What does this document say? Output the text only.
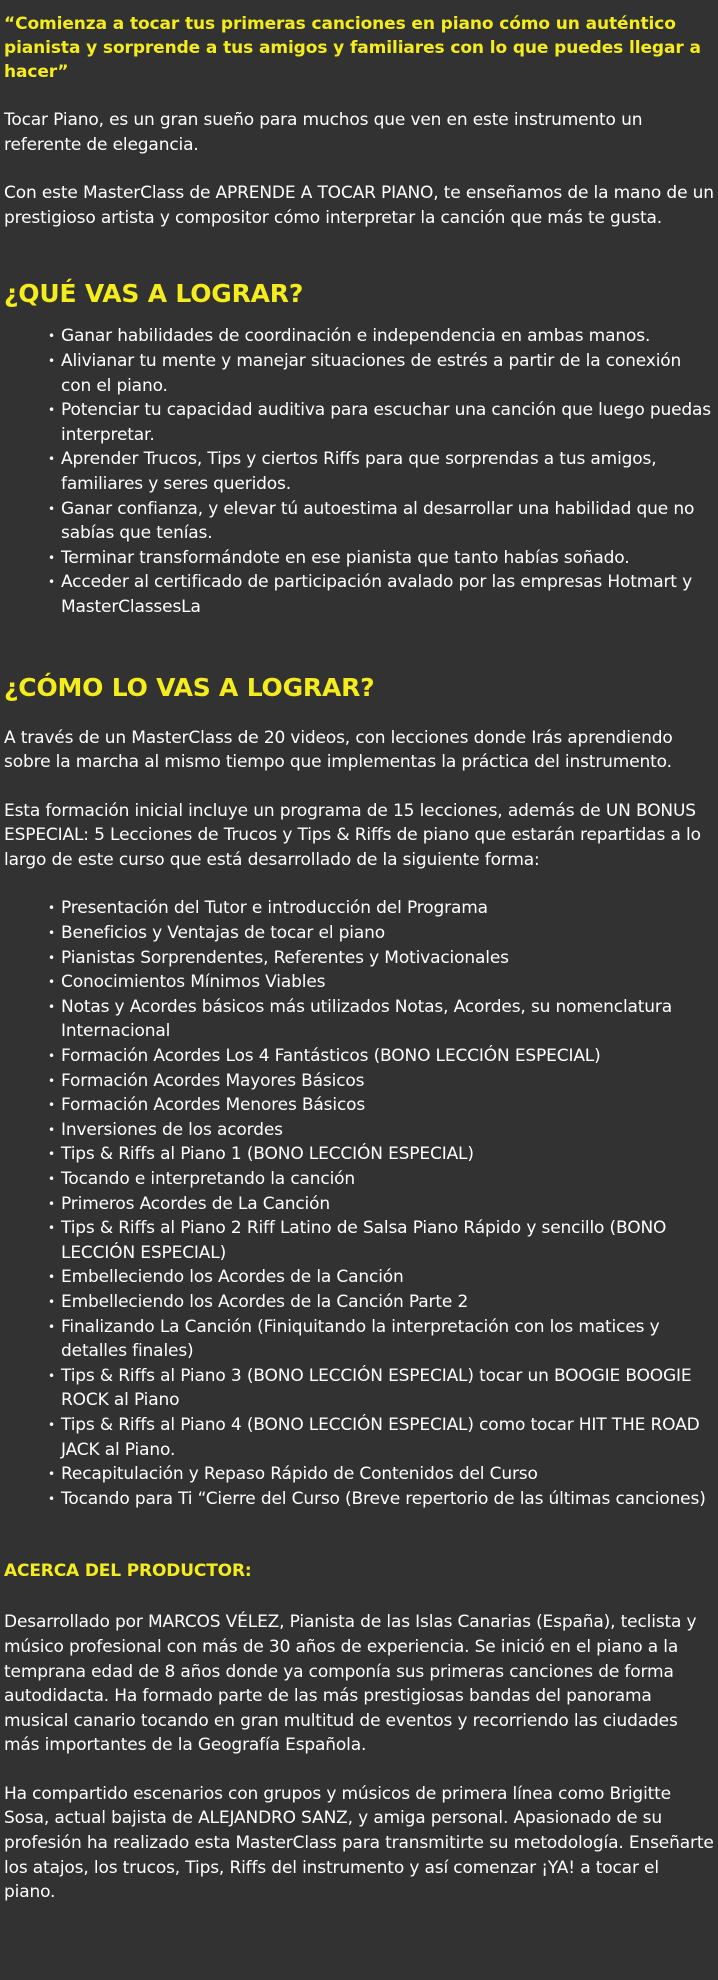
“Comienza a tocar tus primeras canciones en piano cómo un auténtico pianista y sorprende a tus amigos y familiares con lo que puedes llegar a hacer”

Tocar Piano, es un gran sueño para muchos que ven en este instrumento un referente de elegancia.

Con este MasterClass de APRENDE A TOCAR PIANO, te enseñamos de la mano de un prestigioso artista y compositor cómo interpretar la canción que más te gusta.

¿QUÉ VAS A LOGRAR?
• Ganar habilidades de coordinación e independencia en ambas manos.
• Alivianar tu mente y manejar situaciones de estrés a partir de la conexión con el piano.
• Potenciar tu capacidad auditiva para escuchar una canción que luego puedas interpretar.
• Aprender Trucos, Tips y ciertos Riffs para que sorprendas a tus amigos, familiares y seres queridos.
• Ganar confianza, y elevar tú autoestima al desarrollar una habilidad que no sabías que tenías.
• Terminar transformándote en ese pianista que tanto habías soñado.
• Acceder al certificado de participación avalado por las empresas Hotmart y MasterClassesLa
¿CÓMO LO VAS A LOGRAR?

A través de un MasterClass de 20 videos, con lecciones donde Irás aprendiendo sobre la marcha al mismo tiempo que implementas la práctica del instrumento.

Esta formación inicial incluye un programa de 15 lecciones, además de UN BONUS ESPECIAL: 5 Lecciones de Trucos y Tips & Riffs de piano que estarán repartidas a lo largo de este curso que está desarrollado de la siguiente forma:

• Presentación del Tutor e introducción del Programa
• Beneficios y Ventajas de tocar el piano
• Pianistas Sorprendentes, Referentes y Motivacionales
• Conocimientos Mínimos Viables
• Notas y Acordes básicos más utilizados Notas, Acordes, su nomenclatura Internacional
• Formación Acordes Los 4 Fantásticos (BONO LECCIÓN ESPECIAL)
• Formación Acordes Mayores Básicos
• Formación Acordes Menores Básicos
• Inversiones de los acordes
• Tips & Riffs al Piano 1 (BONO LECCIÓN ESPECIAL)
• Tocando e interpretando la canción
• Primeros Acordes de La Canción
• Tips & Riffs al Piano 2 Riff Latino de Salsa Piano Rápido y sencillo (BONO LECCIÓN ESPECIAL)
• Embelleciendo los Acordes de la Canción
• Embelleciendo los Acordes de la Canción Parte 2
• Finalizando La Canción (Finiquitando la interpretación con los matices y detalles finales)
• Tips & Riffs al Piano 3 (BONO LECCIÓN ESPECIAL) tocar un BOOGIE BOOGIE ROCK al Piano
• Tips & Riffs al Piano 4 (BONO LECCIÓN ESPECIAL) como tocar HIT THE ROAD JACK al Piano.
• Recapitulación y Repaso Rápido de Contenidos del Curso
• Tocando para Ti “Cierre del Curso (Breve repertorio de las últimas canciones)

ACERCA DEL PRODUCTOR:

Desarrollado por MARCOS VÉLEZ, Pianista de las Islas Canarias (España), teclista y músico profesional con más de 30 años de experiencia. Se inició en el piano a la temprana edad de 8 años donde ya componía sus primeras canciones de forma autodidacta. Ha formado parte de las más prestigiosas bandas del panorama musical canario tocando en gran multitud de eventos y recorriendo las ciudades más importantes de la Geografía Española.

Ha compartido escenarios con grupos y músicos de primera línea como Brigitte Sosa, actual bajista de ALEJANDRO SANZ, y amiga personal. Apasionado de su profesión ha realizado esta MasterClass para transmitirte su metodología. Enseñarte los atajos, los trucos, Tips, Riffs del instrumento y así comenzar ¡YA! a tocar el piano.
